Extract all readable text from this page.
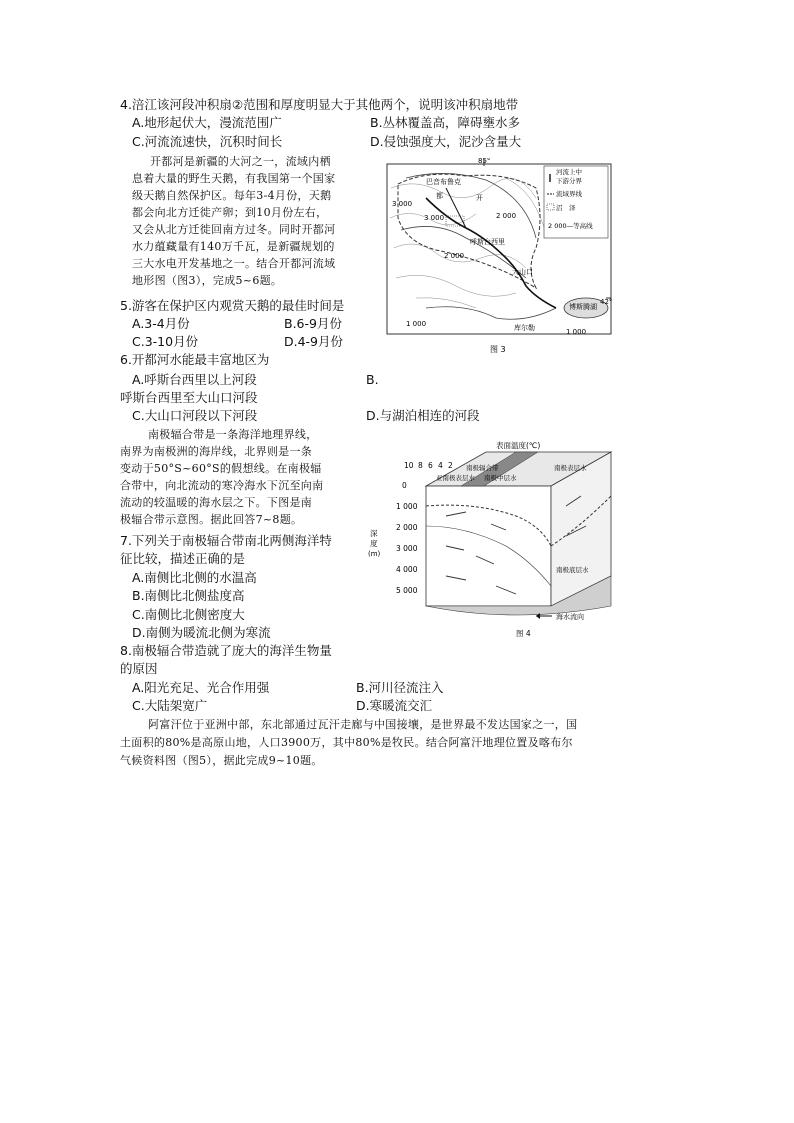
4.涪江该河段冲积扇②范围和厚度明显大于其他两个，说明该冲积扇地带
A.地形起伏大，漫流范围广	B.丛林覆盖高，障碍壅水多
C.河流流速快，沉积时间长	D.侵蚀强度大，泥沙含量大
开都河是新疆的大河之一，流域内栖
息着大量的野生天鹅，有我国第一个国家
级天鹅自然保护区。每年3-4月份，天鹅
都会向北方迁徙产卵；到10月份左右，
又会从北方迁徙回南方过冬。同时开都河
水力蕴藏量有140万千瓦，是新疆规划的
三大水电开发基地之一。结合开都河流域
地形图（图3），完成5~6题。
5.游客在保护区内观赏天鹅的最佳时间是
A.3-4月份	B.6-9月份
C.3-10月份	D.4-9月份
6.开都河水能最丰富地区为
A.呼斯台西里以上河段	B.
呼斯台西里至大山口河段
C.大山口河段以下河段	D.与湖泊相连的河段
南极辐合带是一条海洋地理界线，
南界为南极洲的海岸线，北界则是一条
变动于50°S~60°S的假想线。在南极辐
合带中，向北流动的寒冷海水下沉至向南
流动的较温暖的海水层之下。下图是南
极辐合带示意图。据此回答7~8题。
7.下列关于南极辐合带南北两侧海洋特
征比较，描述正确的是
A.南侧比北侧的水温高
B.南侧比北侧盐度高
C.南侧比北侧密度大
D.南侧为暖流北侧为寒流
8.南极辐合带造就了庞大的海洋生物量
的原因
A.阳光充足、光合作用强	B.河川径流注入
C.大陆架宽广	D.寒暖流交汇
阿富汗位于亚洲中部，东北部通过瓦汗走廊与中国接壤，是世界最不发达国家之一，国
土面积的80%是高原山地，人口3900万，其中80%是牧民。结合阿富汗地理位置及喀布尔
气候资料图（图5），据此完成9~10题。
85°
42°
巴音布鲁克
都	开
呼斯台西里
大山口
博斯腾湖
库尔勒
3 000
3 000
2 000
1 000
1 000
2 000
河流上中
下游分界
流域界线
沼　泽
2 000—等高线
图 3
表面温度(℃)
10 8 6 4 2
0
1 000
2 000
3 000
4 000
5 000
深
度
(m)
南极辐合带
亚南极表层水 南极中层水
南极表层水
南极底层水
海水流向
图 4
